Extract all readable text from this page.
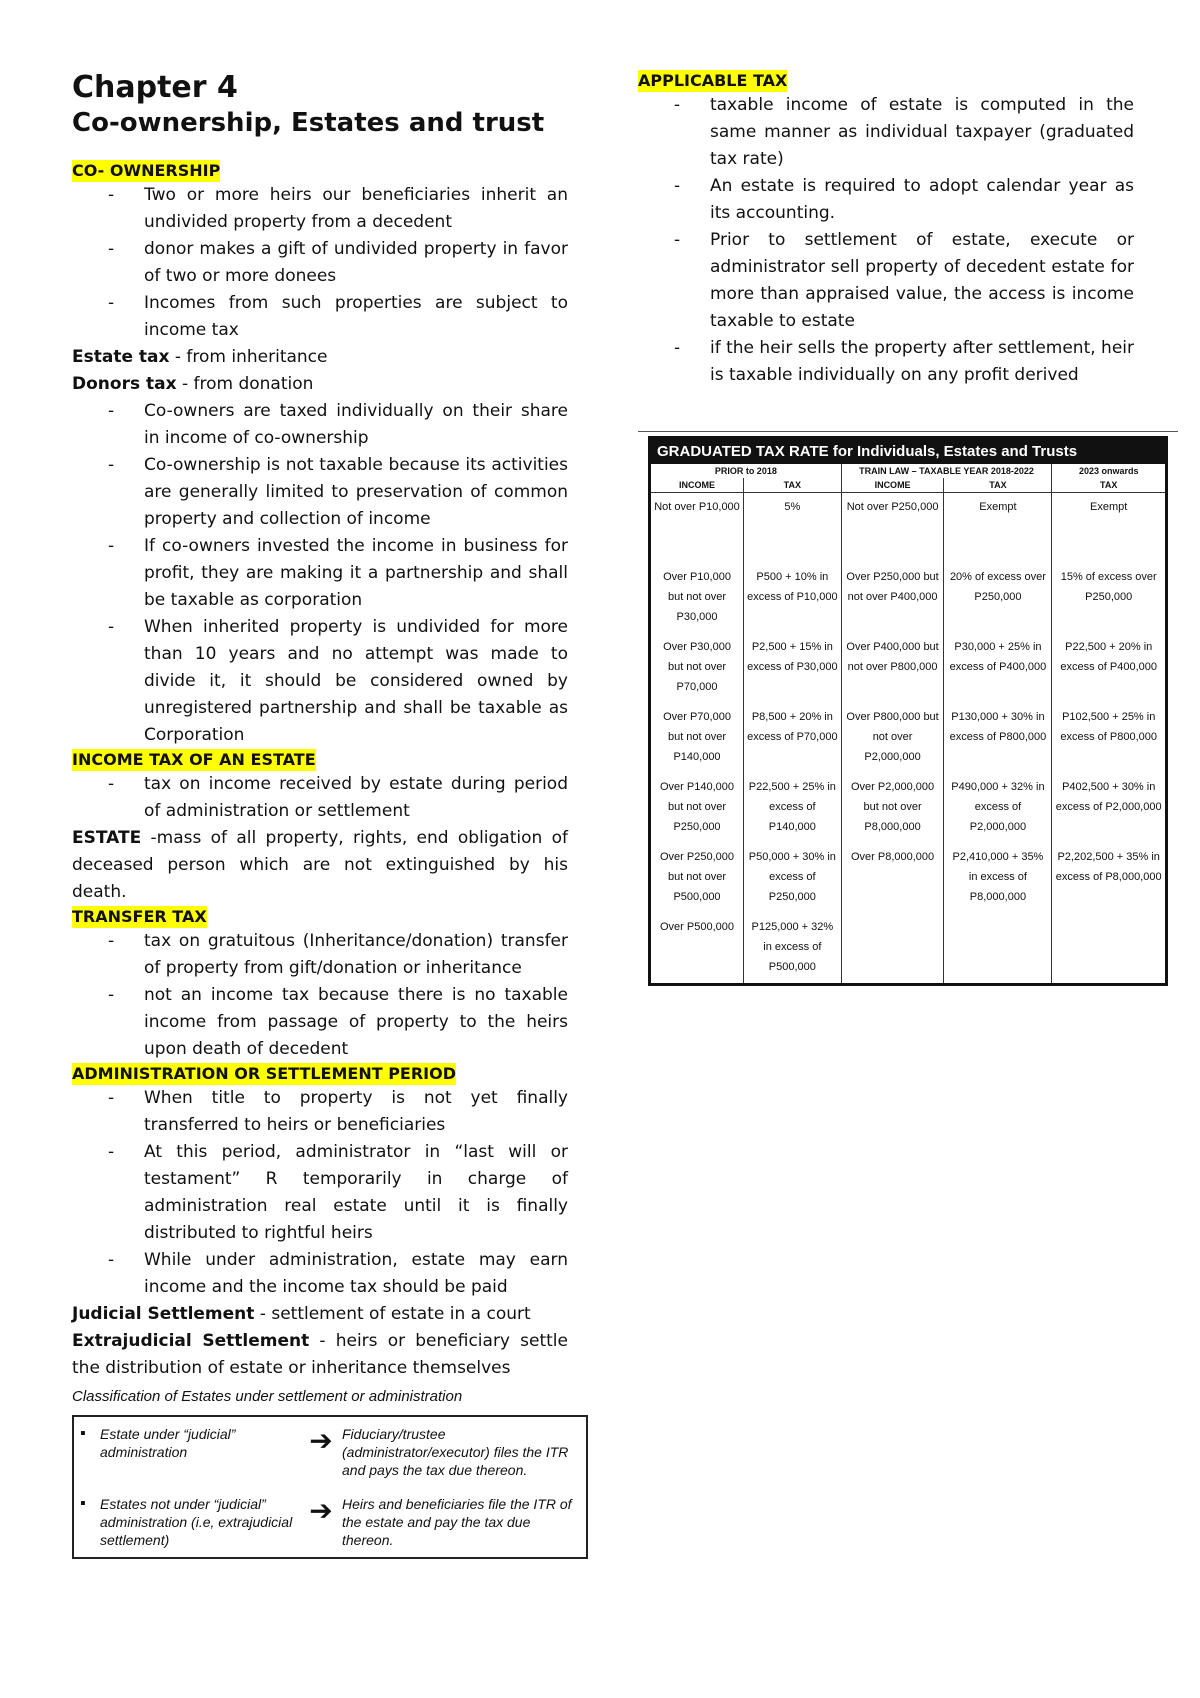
Chapter 4
Co-ownership, Estates and trust
CO- OWNERSHIP
- Two or more heirs our beneficiaries inherit an undivided property from a decedent
- donor makes a gift of undivided property in favor of two or more donees
- Incomes from such properties are subject to income tax
Estate tax - from inheritance
Donors tax - from donation
- Co-owners are taxed individually on their share in income of co-ownership
- Co-ownership is not taxable because its activities are generally limited to preservation of common property and collection of income
- If co-owners invested the income in business for profit, they are making it a partnership and shall be taxable as corporation
- When inherited property is undivided for more than 10 years and no attempt was made to divide it, it should be considered owned by unregistered partnership and shall be taxable as Corporation
INCOME TAX OF AN ESTATE
- tax on income received by estate during period of administration or settlement
ESTATE -mass of all property, rights, end obligation of deceased person which are not extinguished by his death.
TRANSFER TAX
- tax on gratuitous (Inheritance/donation) transfer of property from gift/donation or inheritance
- not an income tax because there is no taxable income from passage of property to the heirs upon death of decedent
ADMINISTRATION OR SETTLEMENT PERIOD
- When title to property is not yet finally transferred to heirs or beneficiaries
- At this period, administrator in “last will or testament” R temporarily in charge of administration real estate until it is finally distributed to rightful heirs
- While under administration, estate may earn income and the income tax should be paid
Judicial Settlement - settlement of estate in a court
Extrajudicial Settlement - heirs or beneficiary settle the distribution of estate or inheritance themselves
Classification of Estates under settlement or administration
▪	Estate under “judicial” administration	➔ Fiduciary/trustee (administrator/executor) files the ITR and pays the tax due thereon.
▪	Estates not under “judicial” administration (i.e, extrajudicial settlement)
➔ Heirs and beneficiaries file the ITR of the estate and pay the tax due thereon.
APPLICABLE TAX
- taxable income of estate is computed in the same manner as individual taxpayer (graduated tax rate)
- An estate is required to adopt calendar year as its accounting.
- Prior to settlement of estate, execute or administrator sell property of decedent estate for more than appraised value, the access is income taxable to estate
- if the heir sells the property after settlement, heir is taxable individually on any profit derived
GRADUATED TAX RATE for Individuals, Estates and Trusts
PRIOR to 2018		TRAIN LAW – TAXABLE YEAR 2018-2022		2023 onwards
INCOME	TAX	INCOME	TAX	TAX
Not over P10,000	5%	Not over P250,000	Exempt	Exempt
Over P10,000 but not over P30,000	P500 + 10% in excess of P10,000	Over P250,000 but not over P400,000	20% of excess over P250,000	15% of excess over P250,000
Over P30,000 but not over P70,000	P2,500 + 15% in excess of P30,000	Over P400,000 but not over P800,000	P30,000 + 25% in excess of P400,000	P22,500 + 20% in excess of P400,000
Over P70,000 but not over P140,000	P8,500 + 20% in excess of P70,000	Over P800,000 but not over P2,000,000	P130,000 + 30% in excess of P800,000	P102,500 + 25% in excess of P800,000
Over P140,000 but not over P250,000	P22,500 + 25% in excess of P140,000	Over P2,000,000 but not over P8,000,000	P490,000 + 32% in excess of P2,000,000	P402,500 + 30% in excess of P2,000,000
Over P250,000 but not over P500,000	P50,000 + 30% in excess of P250,000	Over P8,000,000	P2,410,000 + 35% in excess of P8,000,000	P2,202,500 + 35% in excess of P8,000,000
Over P500,000	P125,000 + 32% in excess of P500,000			
